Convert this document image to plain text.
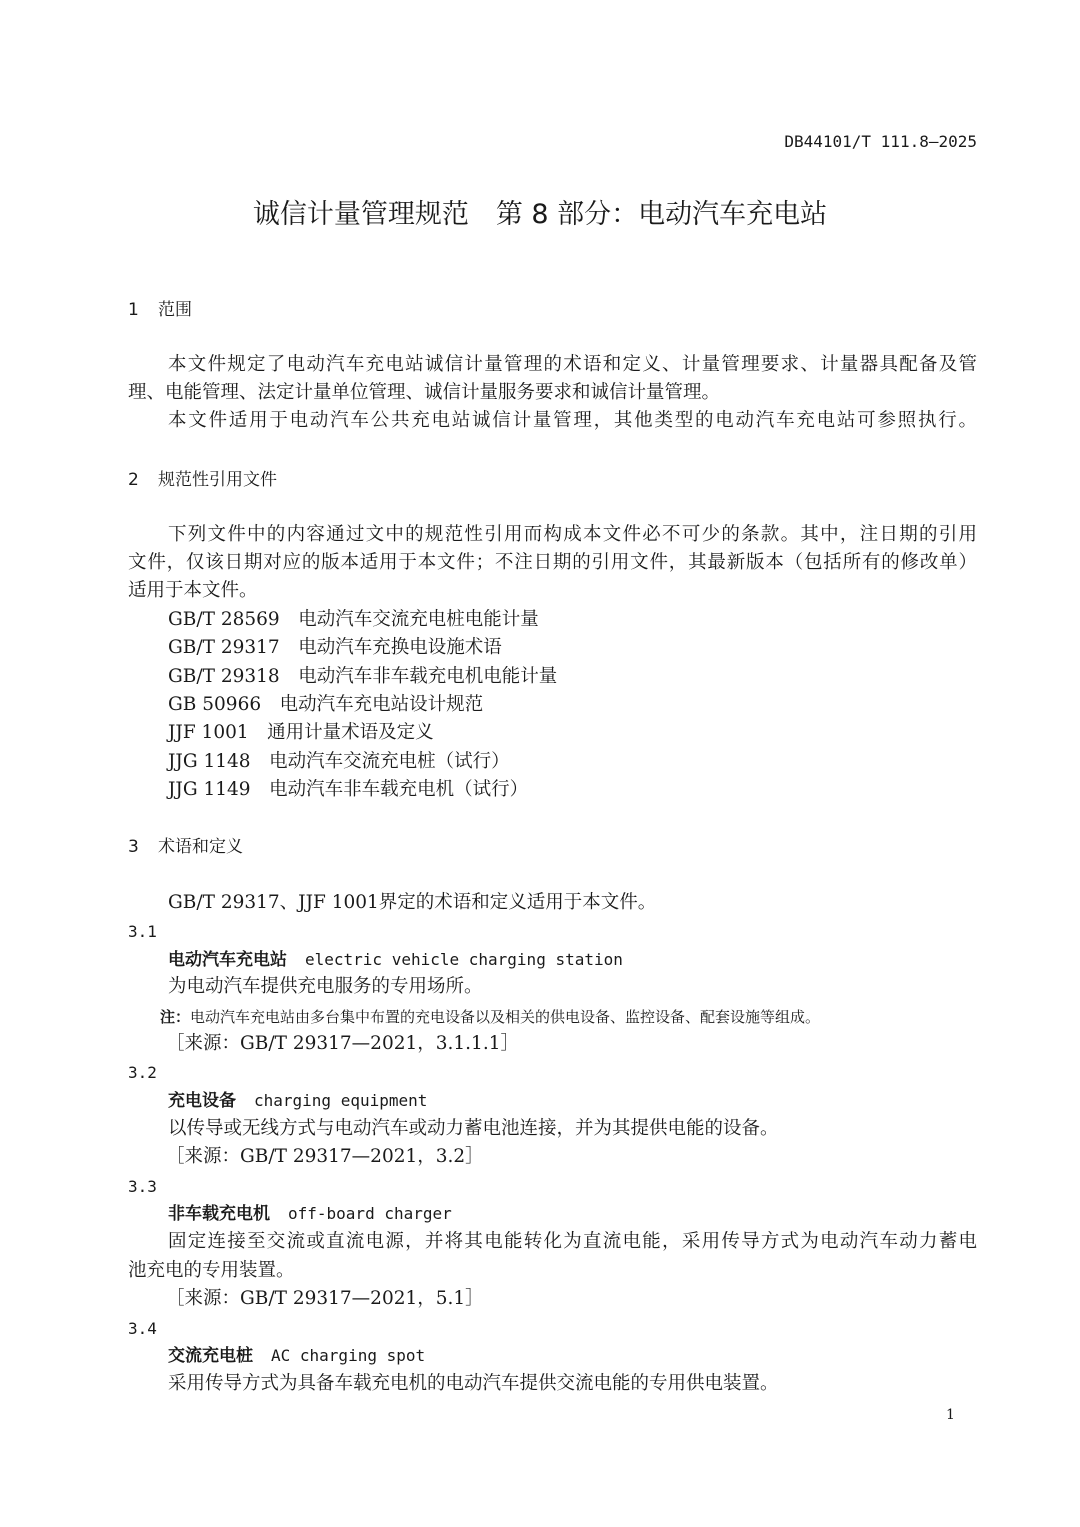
DB44101/T 111.8—2025
诚信计量管理规范　第 8 部分：电动汽车充电站
1 范围
本文件规定了电动汽车充电站诚信计量管理的术语和定义、计量管理要求、计量器具配备及管
理、电能管理、法定计量单位管理、诚信计量服务要求和诚信计量管理。
本文件适用于电动汽车公共充电站诚信计量管理，其他类型的电动汽车充电站可参照执行。
2 规范性引用文件
下列文件中的内容通过文中的规范性引用而构成本文件必不可少的条款。其中，注日期的引用
文件，仅该日期对应的版本适用于本文件；不注日期的引用文件，其最新版本（包括所有的修改单）
适用于本文件。
GB/T 28569　 电动汽车交流充电桩电能计量
GB/T 29317　 电动汽车充换电设施术语
GB/T 29318　 电动汽车非车载充电机电能计量
GB 50966　 电动汽车充电站设计规范
JJF 1001　 通用计量术语及定义
JJG 1148　 电动汽车交流充电桩（试行）
JJG 1149　 电动汽车非车载充电机（试行）
3 术语和定义
GB/T 29317、JJF 1001界定的术语和定义适用于本文件。
3.1
电动汽车充电站 electric vehicle charging station
为电动汽车提供充电服务的专用场所。
注：电动汽车充电站由多台集中布置的充电设备以及相关的供电设备、监控设备、配套设施等组成。
［来源：GB/T 29317—2021，3.1.1.1］
3.2
充电设备 charging equipment
以传导或无线方式与电动汽车或动力蓄电池连接，并为其提供电能的设备。
［来源：GB/T 29317—2021，3.2］
3.3
非车载充电机 off-board charger
固定连接至交流或直流电源，并将其电能转化为直流电能，采用传导方式为电动汽车动力蓄电
池充电的专用装置。
［来源：GB/T 29317—2021，5.1］
3.4
交流充电桩 AC charging spot
采用传导方式为具备车载充电机的电动汽车提供交流电能的专用供电装置。
1
